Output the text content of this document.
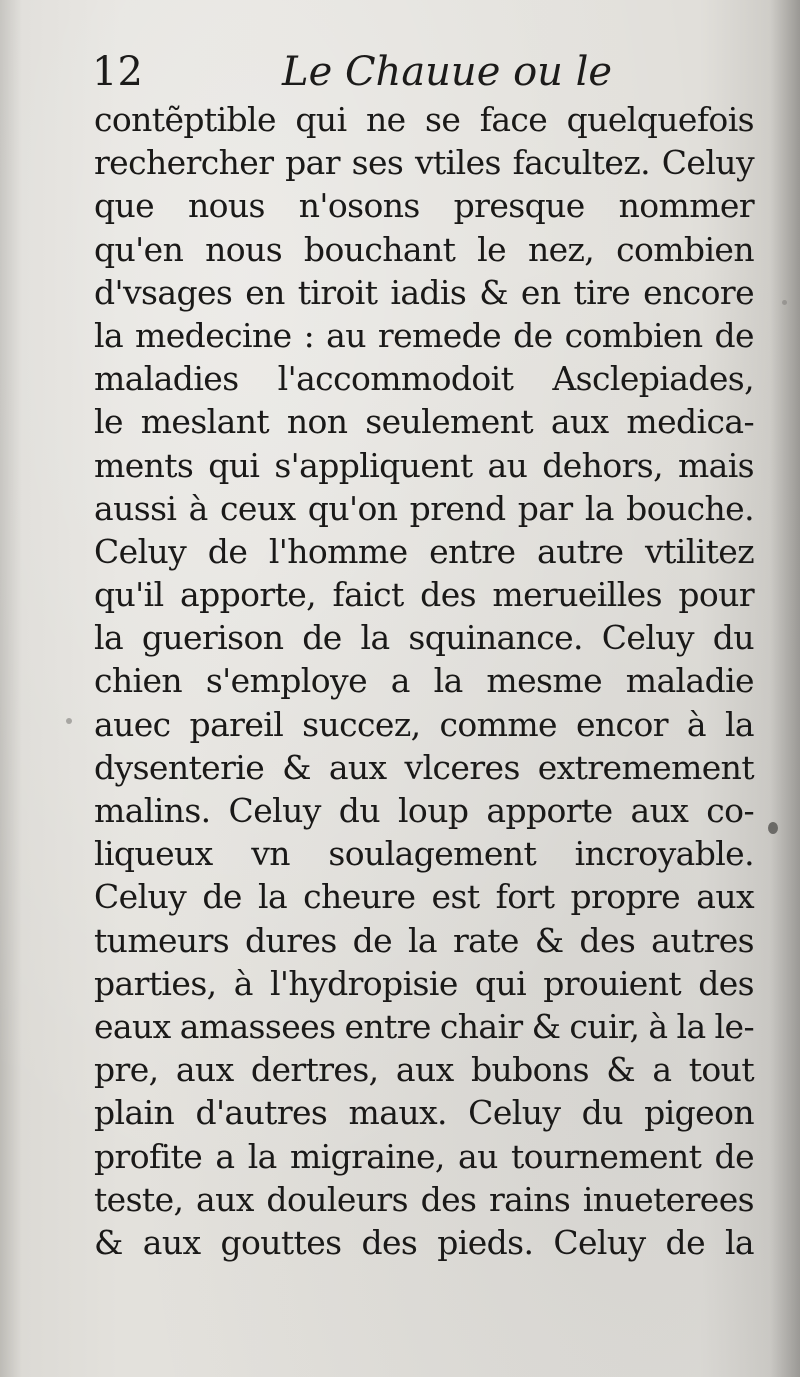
12	Le Chauue ou le
contẽptible qui ne se face quelquefois
rechercher par ses vtiles facultez. Celuy
que nous n'osons presque nommer
qu'en nous bouchant le nez, combien
d'vsages en tiroit iadis & en tire encore
la medecine : au remede de combien de
maladies l'accommodoit Asclepiades,
le meslant non seulement aux medica-
ments qui s'appliquent au dehors, mais
aussi à ceux qu'on prend par la bouche.
Celuy de l'homme entre autre vtilitez
qu'il apporte, faict des merueilles pour
la guerison de la squinance. Celuy du
chien s'employe a la mesme maladie
auec pareil succez, comme encor à la
dysenterie & aux vlceres extremement
malins. Celuy du loup apporte aux co-
liqueux vn soulagement incroyable.
Celuy de la cheure est fort propre aux
tumeurs dures de la rate & des autres
parties, à l'hydropisie qui prouient des
eaux amassees entre chair & cuir, à la le-
pre, aux dertres, aux bubons & a tout
plain d'autres maux. Celuy du pigeon
profite a la migraine, au tournement de
teste, aux douleurs des rains inueterees
& aux gouttes des pieds. Celuy de la
